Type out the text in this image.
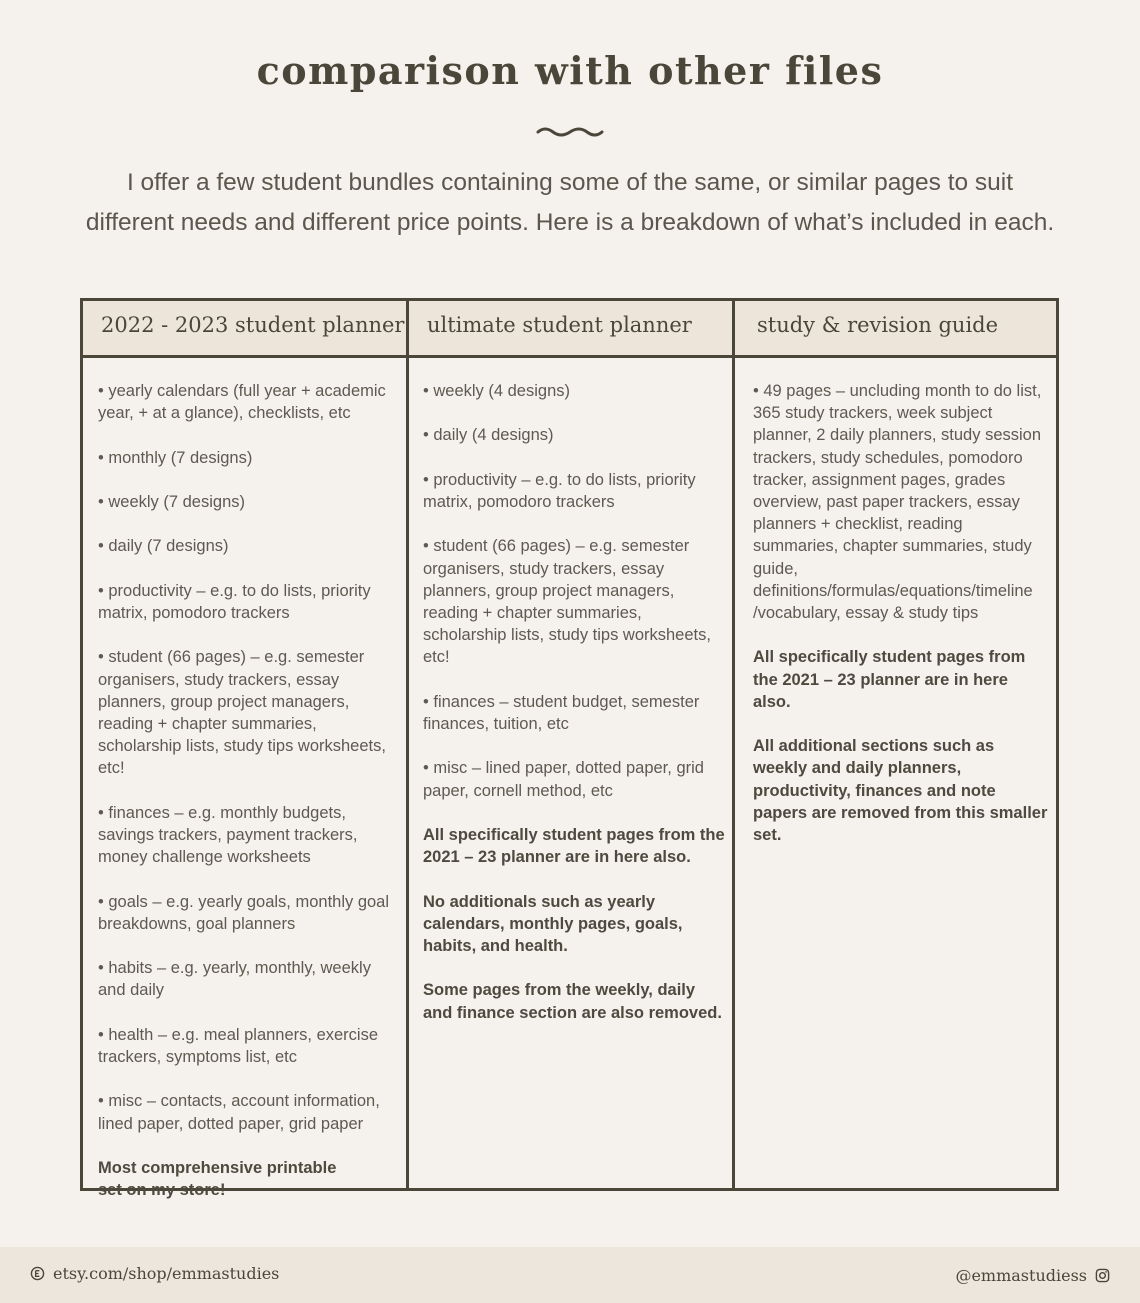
comparison with other files
I offer a few student bundles containing some of the same, or similar pages to suit
different needs and different price points. Here is a breakdown of what’s included in each.
2022 - 2023 student planner ultimate student planner	study & revision guide

• yearly calendars (full year + academic year, + at a glance), checklists, etc

• monthly (7 designs)

• weekly (7 designs)

• daily (7 designs)

• productivity – e.g. to do lists, priority matrix, pomodoro trackers

• student (66 pages) – e.g. semester organisers, study trackers, essay planners, group project managers, reading + chapter summaries, scholarship lists, study tips worksheets, etc!

• finances – e.g. monthly budgets, savings trackers, payment trackers, money challenge worksheets

• goals – e.g. yearly goals, monthly goal breakdowns, goal planners

• habits – e.g. yearly, monthly, weekly and daily

• health – e.g. meal planners, exercise trackers, symptoms list, etc

• misc – contacts, account information, lined paper, dotted paper, grid paper

Most comprehensive printable set on my store!

• weekly (4 designs)

• daily (4 designs)

• productivity – e.g. to do lists, priority matrix, pomodoro trackers

• student (66 pages) – e.g. semester organisers, study trackers, essay planners, group project managers, reading + chapter summaries, scholarship lists, study tips worksheets, etc!

• finances – student budget, semester finances, tuition, etc

• misc – lined paper, dotted paper, grid paper, cornell method, etc

All specifically student pages from the 2021 – 23 planner are in here also.

No additionals such as yearly calendars, monthly pages, goals, habits, and health.

Some pages from the weekly, daily and finance section are also removed.

• 49 pages – uncluding month to do list, 365 study trackers, week subject planner, 2 daily planners, study session trackers, study schedules, pomodoro tracker, assignment pages, grades overview, past paper trackers, essay planners + checklist, reading summaries, chapter summaries, study guide, definitions/formulas/equations/timeline /vocabulary, essay & study tips

All specifically student pages from the 2021 – 23 planner are in here also.

All additional sections such as weekly and daily planners, productivity, finances and note papers are removed from this smaller set.

etsy.com/shop/emmastudies	@emmastudiess
